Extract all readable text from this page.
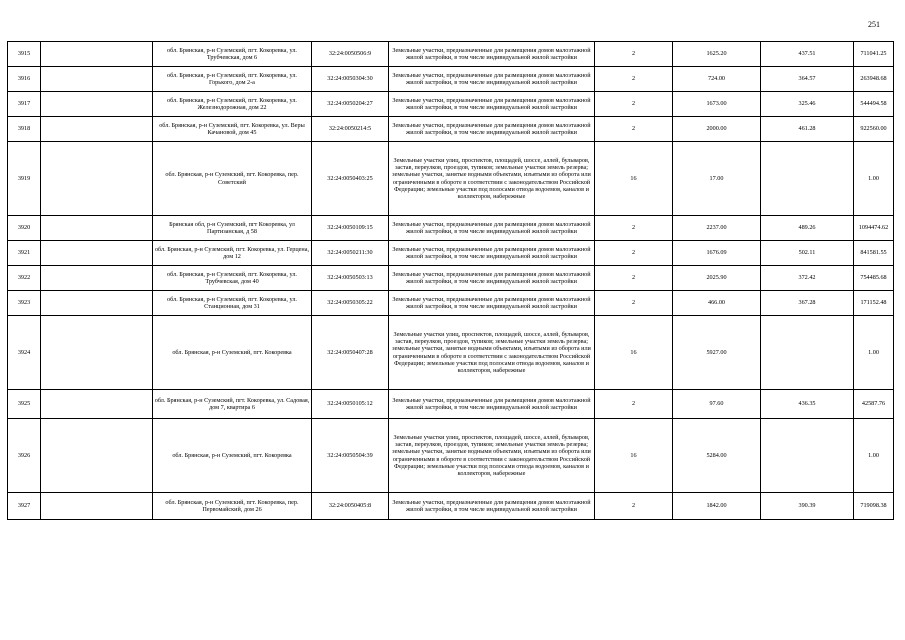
251
3915		обл. Брянская, р-н Суземский, пгт. Кокоревка, ул. Трубчевская, дом 6	32:24:0050506:9	Земельные участки, предназначенные для размещения домов малоэтажной жилой застройки, в том числе индивидуальной жилой застройки	2	1625.20	437.51	711041.25
3916		обл. Брянская, р-н Суземский, пгт. Кокоревка, ул. Горького, дом 2-а	32:24:0050304:30	Земельные участки, предназначенные для размещения домов малоэтажной жилой застройки, в том числе индивидуальной жилой застройки	2	724.00	364.57	263948.68
3917		обл. Брянская, р-н Суземский, пгт. Кокоревка, ул. Железнодорожная, дом 22	32:24:0050204:27	Земельные участки, предназначенные для размещения домов малоэтажной жилой застройки, в том числе индивидуальной жилой застройки	2	1673.00	325.46	544494.58
3918		обл. Брянская, р-н Суземский, пгт. Кокоревка, ул. Веры Качановой, дом 45	32:24:0050214:5	Земельные участки, предназначенные для размещения домов малоэтажной жилой застройки, в том числе индивидуальной жилой застройки	2	2000.00	461.28	922560.00
3919		обл. Брянская, р-н Суземский, пгт. Кокоревка, пер. Советский	32:24:0050403:25	Земельные участки улиц, проспектов, площадей, шоссе, аллей, бульваров, застав, переулков, проездов, тупиков; земельные участки земель резерва; земельные участки, занятые водными объектами, изъятыми из оборота или ограниченными в обороте в соответствии с законодательством Российской Федерации; земельные участки под полосами отвода водоемов, каналов и коллекторов, набережные	16	17.00		1.00
3920		Брянская обл, р-н Суземский, пгт Кокоревка, ул Партизанская, д 58	32:24:0050109:15	Земельные участки, предназначенные для размещения домов малоэтажной жилой застройки, в том числе индивидуальной жилой застройки	2	2237.00	489.26	1094474.62
3921		обл. Брянская, р-н Суземский, пгт. Кокоревка, ул. Герцена, дом 12	32:24:0050211:30	Земельные участки, предназначенные для размещения домов малоэтажной жилой застройки, в том числе индивидуальной жилой застройки	2	1676.09	502.11	841581.55
3922		обл. Брянская, р-н Суземский, пгт. Кокоревка, ул. Трубчевская, дом 40	32:24:0050503:13	Земельные участки, предназначенные для размещения домов малоэтажной жилой застройки, в том числе индивидуальной жилой застройки	2	2025.90	372.42	754485.68
3923		обл. Брянская, р-н Суземский, пгт. Кокоревка, ул. Станционная, дом 31	32:24:0050305:22	Земельные участки, предназначенные для размещения домов малоэтажной жилой застройки, в том числе индивидуальной жилой застройки	2	466.00	367.28	171152.48
3924		обл. Брянская, р-н Суземский, пгт. Кокоревка	32:24:0050407:28	Земельные участки улиц, проспектов, площадей, шоссе, аллей, бульваров, застав, переулков, проездов, тупиков; земельные участки земель резерва; земельные участки, занятые водными объектами, изъятыми из оборота или ограниченными в обороте в соответствии с законодательством Российской Федерации; земельные участки под полосами отвода водоемов, каналов и коллекторов, набережные	16	5927.00		1.00
3925		обл. Брянская, р-н Суземский, пгт. Кокоревка, ул. Садовая, дом 7, квартира 6	32:24:0050105:12	Земельные участки, предназначенные для размещения домов малоэтажной жилой застройки, в том числе индивидуальной жилой застройки	2	97.60	436.35	42587.76
3926		обл. Брянская, р-н Суземский, пгт. Кокоревка	32:24:0050504:39	Земельные участки улиц, проспектов, площадей, шоссе, аллей, бульваров, застав, переулков, проездов, тупиков; земельные участки земель резерва; земельные участки, занятые водными объектами, изъятыми из оборота или ограниченными в обороте в соответствии с законодательством Российской Федерации; земельные участки под полосами отвода водоемов, каналов и коллекторов, набережные	16	5284.00		1.00
3927		обл. Брянская, р-н Суземский, пгт. Кокоревка, пер. Первомайский, дом 26	32:24:0050405:8	Земельные участки, предназначенные для размещения домов малоэтажной жилой застройки, в том числе индивидуальной жилой застройки	2	1842.00	390.39	719098.38
